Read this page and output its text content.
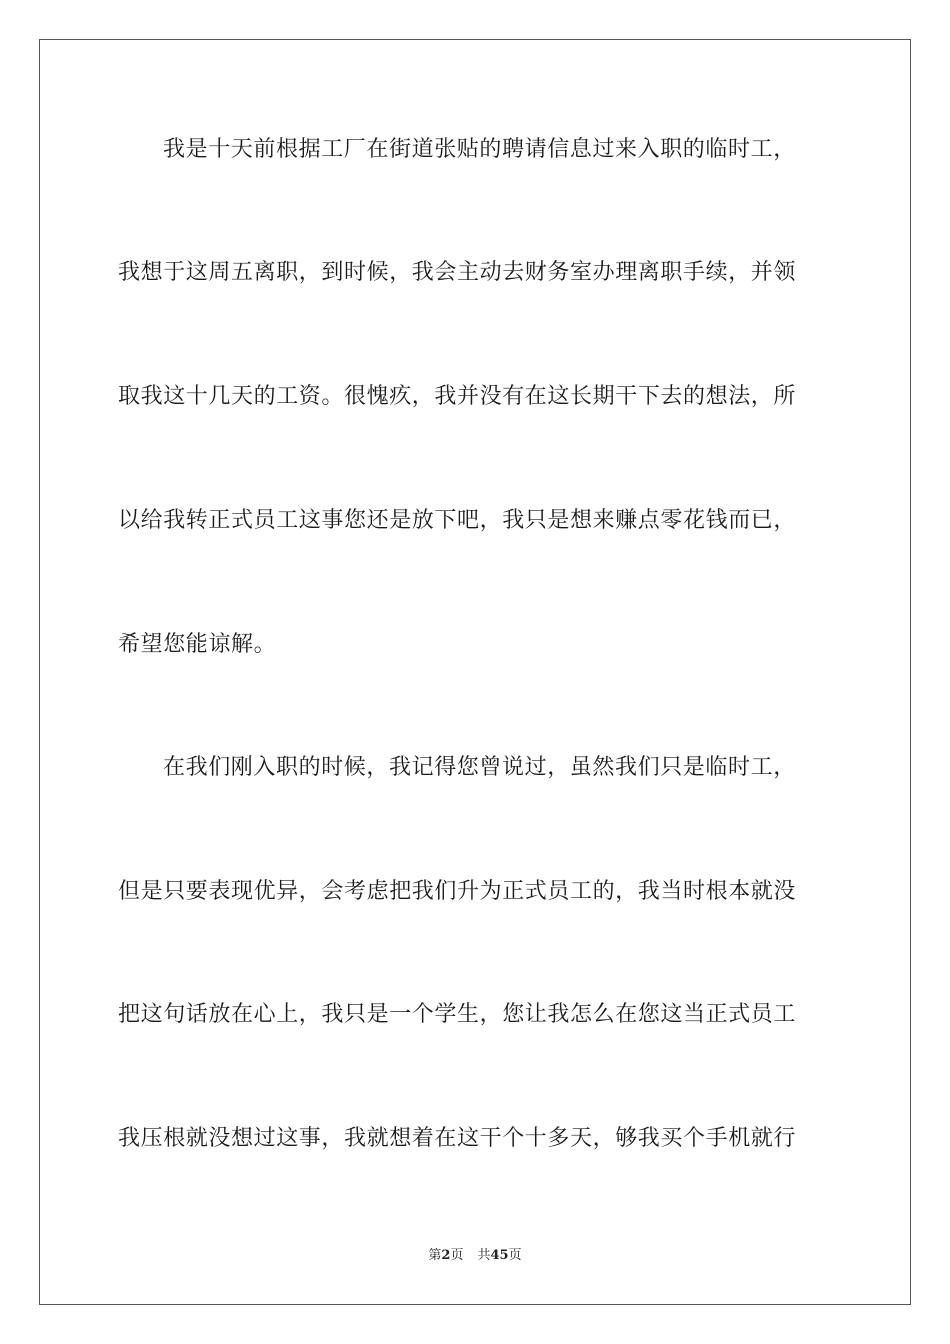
我是十天前根据工厂在街道张贴的聘请信息过来入职的临时工，
我想于这周五离职，到时候，我会主动去财务室办理离职手续，并领
取我这十几天的工资。很愧疚，我并没有在这长期干下去的想法，所
以给我转正式员工这事您还是放下吧，我只是想来赚点零花钱而已，
希望您能谅解。
在我们刚入职的时候，我记得您曾说过，虽然我们只是临时工，
但是只要表现优异，会考虑把我们升为正式员工的，我当时根本就没
把这句话放在心上，我只是一个学生，您让我怎么在您这当正式员工
我压根就没想过这事，我就想着在这干个十多天，够我买个手机就行
第2页 共45页
